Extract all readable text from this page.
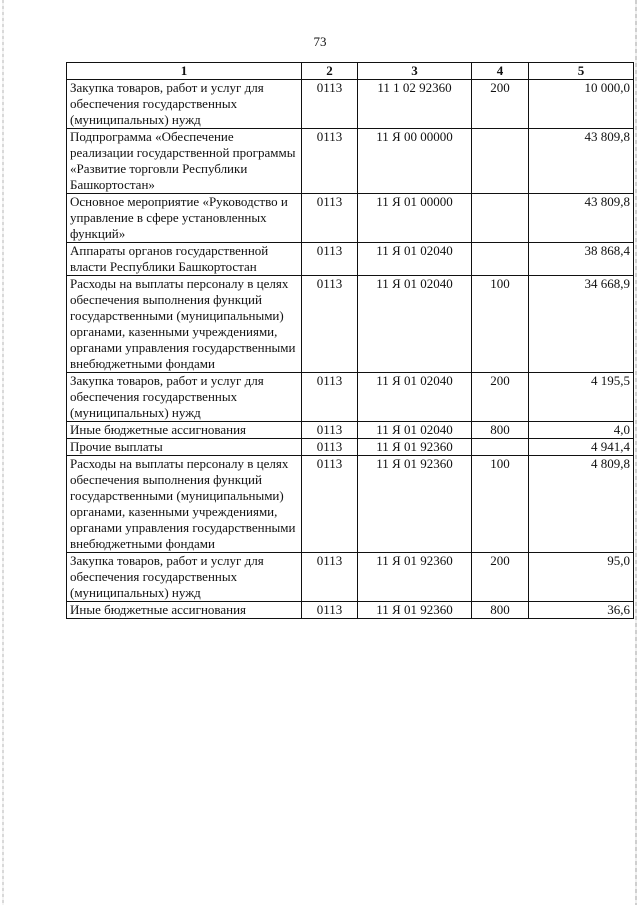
73
1	2	3	4	5
Закупка товаров, работ и услуг для обеспечения государственных (муниципальных) нужд	0113	11 1 02 92360	200	10 000,0
Подпрограмма «Обеспечение реализации государственной программы «Развитие торговли Республики Башкортостан»	0113	11 Я 00 00000		43 809,8
Основное мероприятие «Руководство и управление в сфере установленных функций»	0113	11 Я 01 00000		43 809,8
Аппараты органов государственной власти Республики Башкортостан	0113	11 Я 01 02040		38 868,4
Расходы на выплаты персоналу в целях обеспечения выполнения функций государственными (муниципальными) органами, казенными учреждениями, органами управления государственными внебюджетными фондами	0113	11 Я 01 02040	100	34 668,9
Закупка товаров, работ и услуг для обеспечения государственных (муниципальных) нужд	0113	11 Я 01 02040	200	4 195,5
Иные бюджетные ассигнования	0113	11 Я 01 02040	800	4,0
Прочие выплаты	0113	11 Я 01 92360		4 941,4
Расходы на выплаты персоналу в целях обеспечения выполнения функций государственными (муниципальными) органами, казенными учреждениями, органами управления государственными внебюджетными фондами	0113	11 Я 01 92360	100	4 809,8
Закупка товаров, работ и услуг для обеспечения государственных (муниципальных) нужд	0113	11 Я 01 92360	200	95,0
Иные бюджетные ассигнования	0113	11 Я 01 92360	800	36,6
